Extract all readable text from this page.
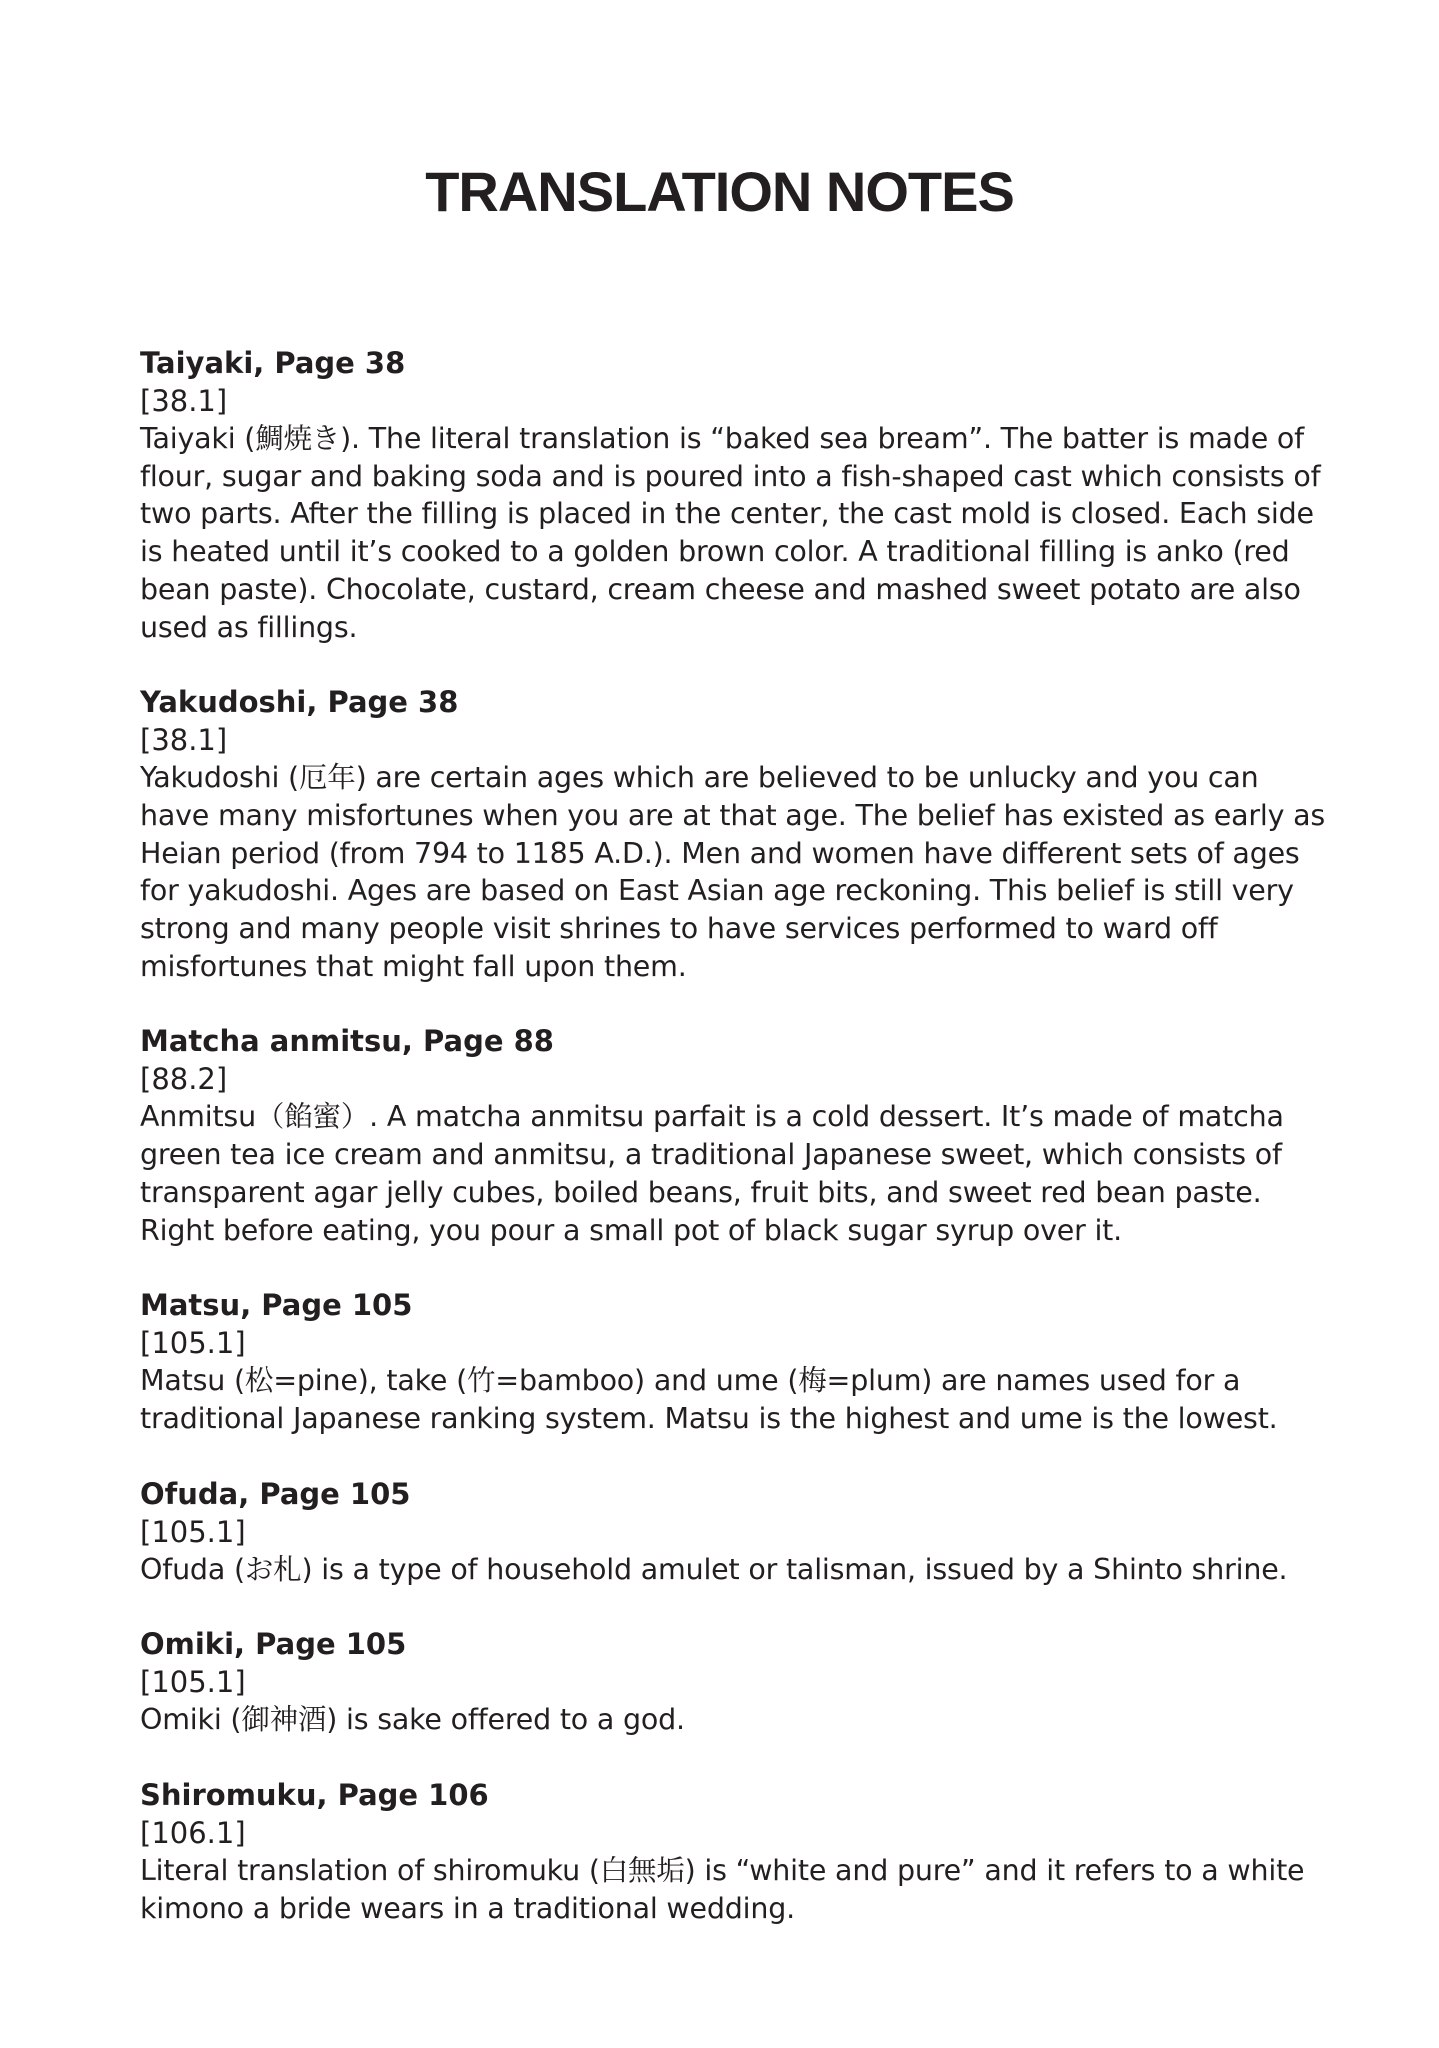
TRANSLATION NOTES

Taiyaki, Page 38

[38.1]

Taiyaki (鯛焼き). The literal translation is “baked sea bream”. The batter is made of flour, sugar and baking soda and is poured into a fish-shaped cast which consists of two parts. After the filling is placed in the center, the cast mold is closed. Each side is heated until it’s cooked to a golden brown color. A traditional filling is anko (red bean paste). Chocolate, custard, cream cheese and mashed sweet potato are also used as fillings.

Yakudoshi, Page 38

[38.1]

Yakudoshi (厄年) are certain ages which are believed to be unlucky and you can have many misfortunes when you are at that age. The belief has existed as early as Heian period (from 794 to 1185 A.D.). Men and women have different sets of ages for yakudoshi. Ages are based on East Asian age reckoning. This belief is still very strong and many people visit shrines to have services performed to ward off misfortunes that might fall upon them.

Matcha anmitsu, Page 88

[88.2]

Anmitsu（餡蜜）. A matcha anmitsu parfait is a cold dessert. It’s made of matcha green tea ice cream and anmitsu, a traditional Japanese sweet, which consists of transparent agar jelly cubes, boiled beans, fruit bits, and sweet red bean paste. Right before eating, you pour a small pot of black sugar syrup over it.

Matsu, Page 105

[105.1]

Matsu (松=pine), take (竹=bamboo) and ume (梅=plum) are names used for a traditional Japanese ranking system. Matsu is the highest and ume is the lowest.

Ofuda, Page 105

[105.1]

Ofuda (お札) is a type of household amulet or talisman, issued by a Shinto shrine.

Omiki, Page 105

[105.1]

Omiki (御神酒) is sake offered to a god.

Shiromuku, Page 106

[106.1]

Literal translation of shiromuku (白無垢) is “white and pure” and it refers to a white kimono a bride wears in a traditional wedding.
